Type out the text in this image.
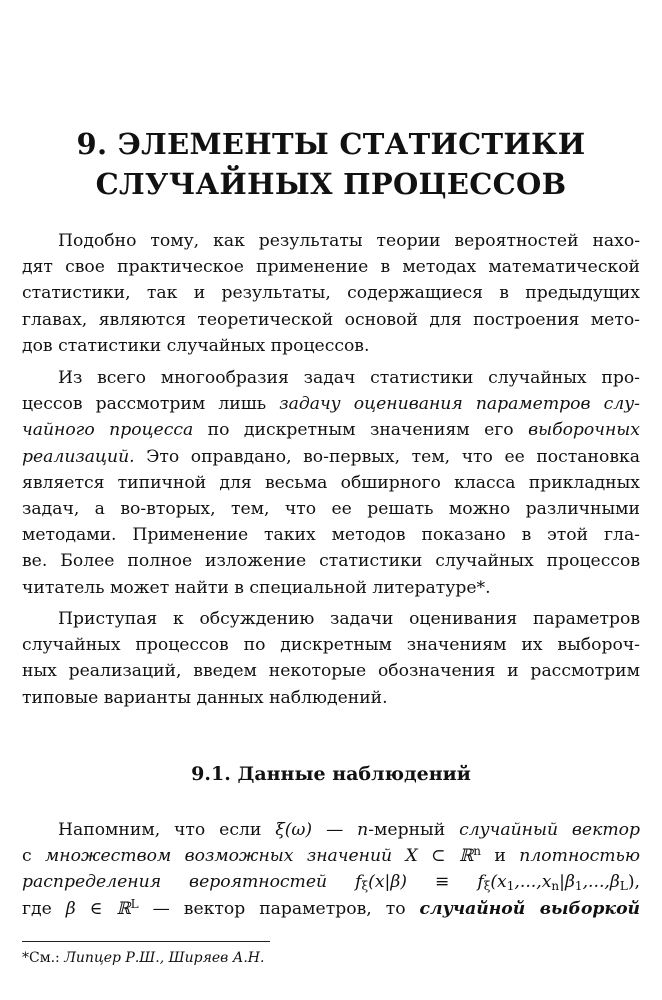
9. ЭЛЕМЕНТЫ СТАТИСТИКИ
СЛУЧАЙНЫХ ПРОЦЕССОВ
Подобно тому, как результаты теории вероятностей нахо-
дят свое практическое применение в методах математической
статистики, так и результаты, содержащиеся в предыдущих
главах, являются теоретической основой для построения мето-
дов статистики случайных процессов.
Из всего многообразия задач статистики случайных про-
цессов рассмотрим лишь задачу оценивания параметров слу-
чайного процесса по дискретным значениям его выборочных
реализаций. Это оправдано, во-первых, тем, что ее постановка
является типичной для весьма обширного класса прикладных
задач, а во-вторых, тем, что ее решать можно различными
методами. Применение таких методов показано в этой гла-
ве. Более полное изложение статистики случайных процессов
читатель может найти в специальной литературе*.
Приступая к обсуждению задачи оценивания параметров
случайных процессов по дискретным значениям их выбороч-
ных реализаций, введем некоторые обозначения и рассмотрим
типовые варианты данных наблюдений.
9.1. Данные наблюдений
Напомним, что если ξ(ω) — n-мерный случайный вектор
с множеством возможных значений X ⊂ ℝ$^n$ и плотностью
распределения вероятностей $f_\xi(x|\beta) \equiv f_\xi(x_1,...,x_n|\beta_1,...,\beta_L)$,
где β ∈ ℝ$^L$ — вектор параметров, то случайной выборкой
*См.: Липцер Р.Ш., Ширяев А.Н.
